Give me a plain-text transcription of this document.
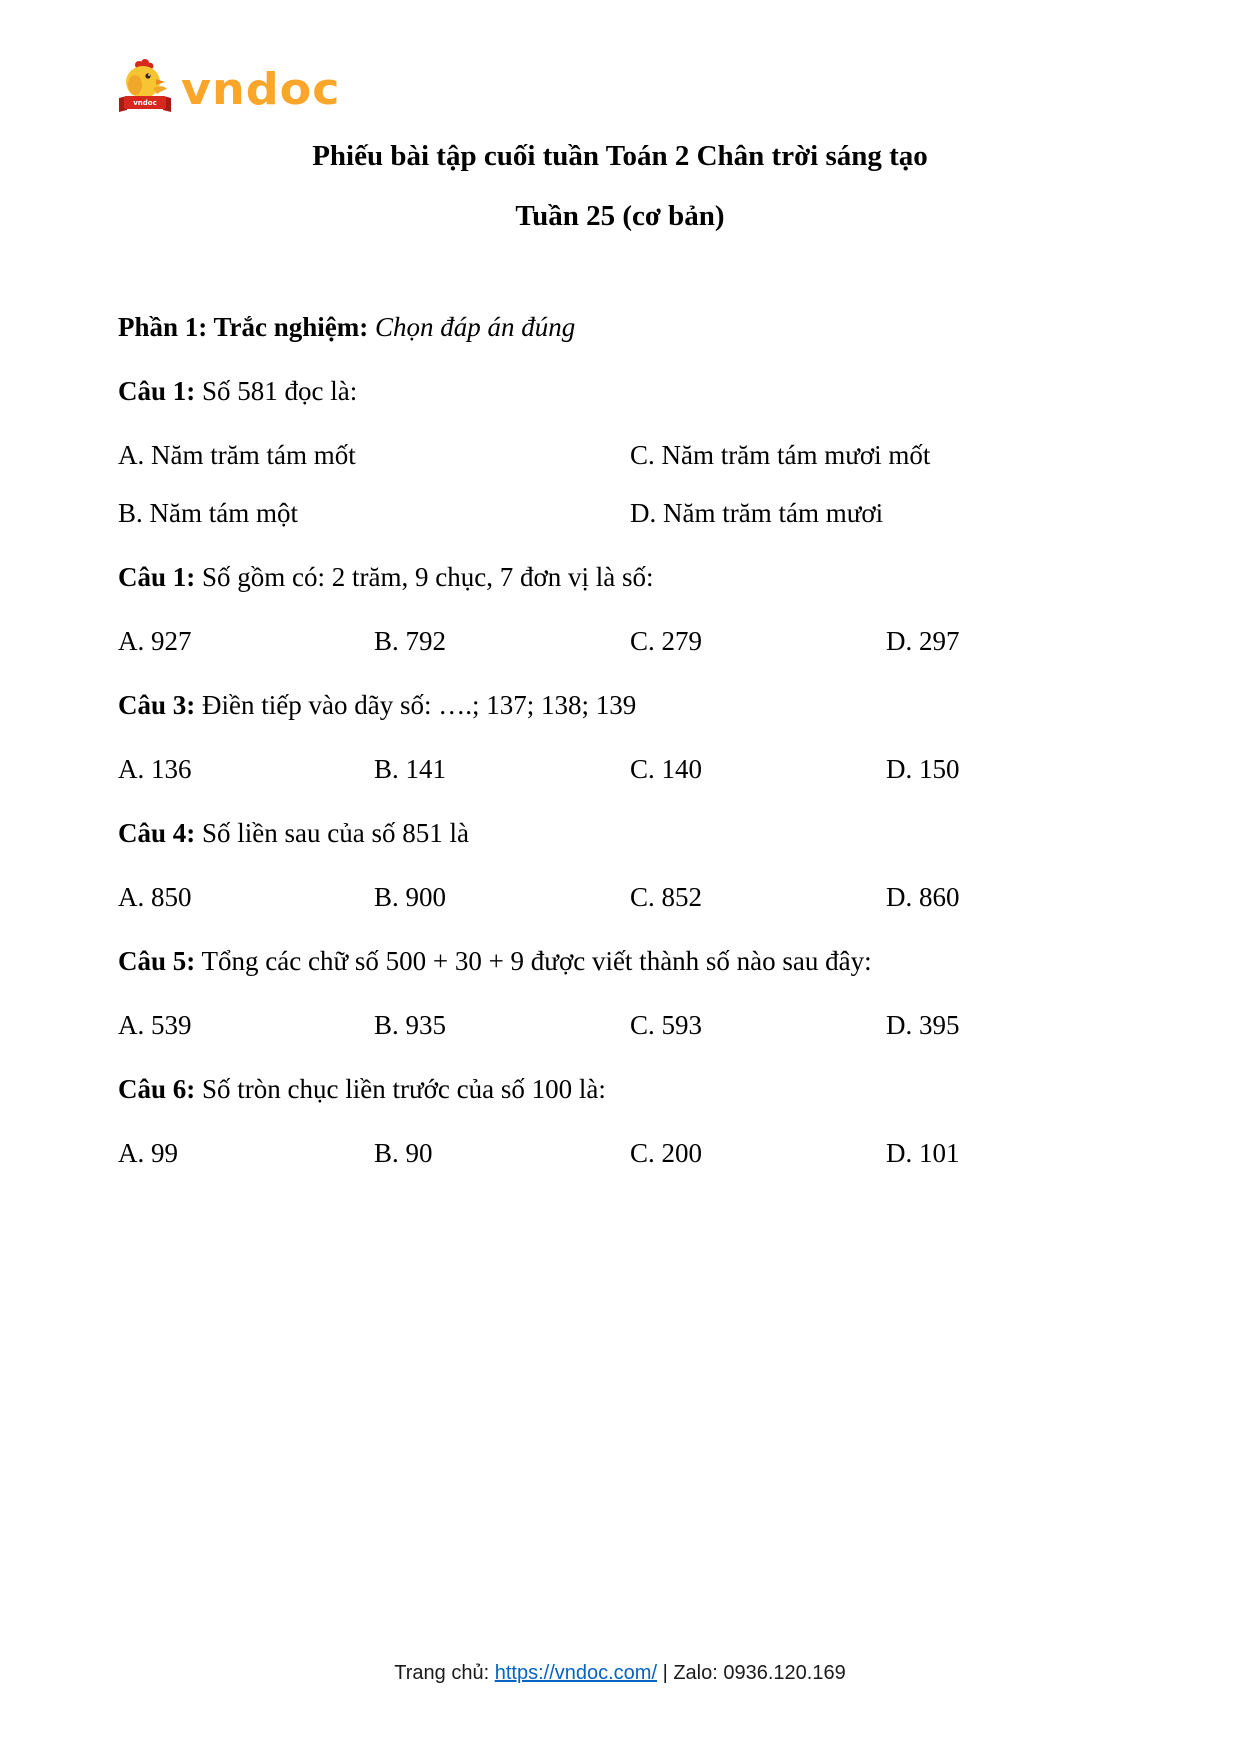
vndoc vndoc
Phiếu bài tập cuối tuần Toán 2 Chân trời sáng tạo
Tuần 25 (cơ bản)

Phần 1: Trắc nghiệm: Chọn đáp án đúng

Câu 1: Số 581 đọc là:

A. Năm trăm tám mốt	C. Năm trăm tám mươi mốt
B. Năm tám một	D. Năm trăm tám mươi

Câu 1: Số gồm có: 2 trăm, 9 chục, 7 đơn vị là số:

A. 927	B. 792	C. 279	D. 297

Câu 3: Điền tiếp vào dãy số: ….; 137; 138; 139

A. 136	B. 141	C. 140	D. 150

Câu 4: Số liền sau của số 851 là

A. 850	B. 900	C. 852	D. 860

Câu 5: Tổng các chữ số 500 + 30 + 9 được viết thành số nào sau đây:

A. 539	B. 935	C. 593	D. 395

Câu 6: Số tròn chục liền trước của số 100 là:

A. 99	B. 90	C. 200	D. 101
Trang chủ: https://vndoc.com/ | Zalo: 0936.120.169
